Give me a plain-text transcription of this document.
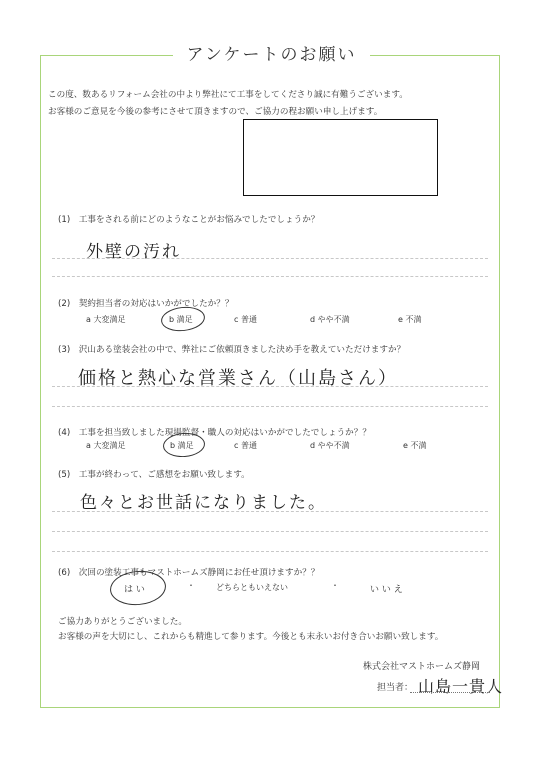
アンケートのお願い
この度、数あるリフォーム会社の中より弊社にて工事をしてくださり誠に有難うございます。
お客様のご意見を今後の参考にさせて頂きますので、ご協力の程お願い申し上げます。
(1)　工事をされる前にどのようなことがお悩みでしたでしょうか？
外壁の汚れ
(2)　契約担当者の対応はいかがでしたか？？
a 大変満足	b 満足	c 普通	d やや不満	e 不満
(3)　沢山ある塗装会社の中で、弊社にご依頼頂きました決め手を教えていただけますか？
価格と熱心な営業さん（山島さん）
(4)　工事を担当致しました現場監督・職人の対応はいかがでしたでしょうか？？
a 大変満足	b 満足	c 普通	d やや不満	e 不満
(5)　工事が終わって、ご感想をお願い致します。
色々とお世話になりました。
(6)　次回の塗装工事もマストホームズ静岡にお任せ頂けますか？？
は い	・	どちらともいえない	・	い い え
ご協力ありがとうございました。
お客様の声を大切にし、これからも精進して参ります。今後とも末永いお付き合いお願い致します。
株式会社マストホームズ静岡
担当者： 山島一貴人
